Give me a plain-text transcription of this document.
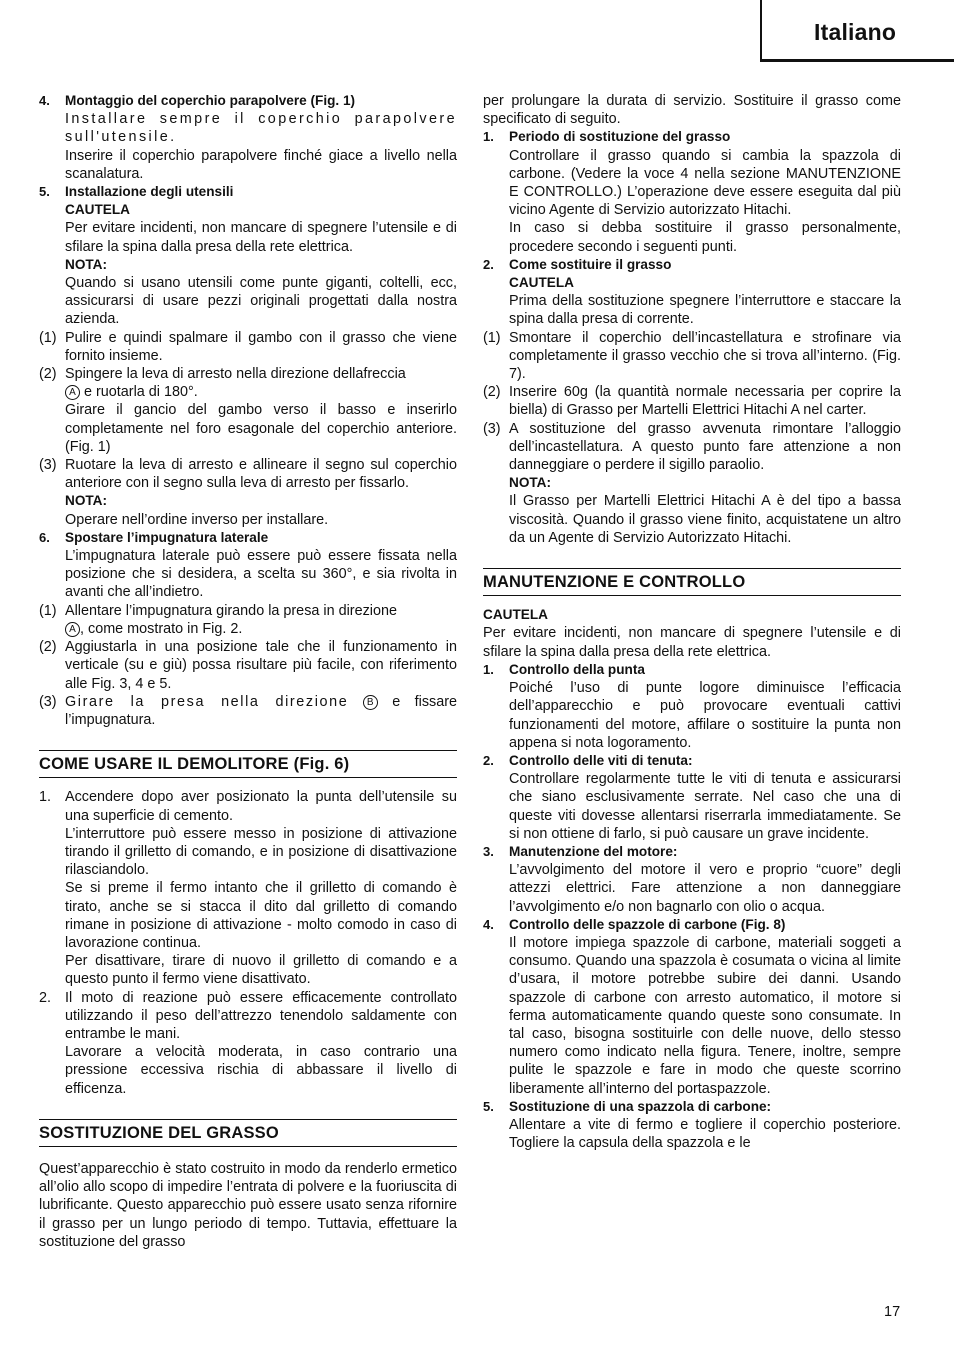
Italiano
4. Montaggio del coperchio parapolvere (Fig. 1)
Installare sempre il coperchio parapolvere sull'utensile.
Inserire il coperchio parapolvere finché giace a livello nella scanalatura.
5. Installazione degli utensili
CAUTELA
Per evitare incidenti, non mancare di spegnere l’utensile e di sfilare la spina dalla presa della rete elettrica.
NOTA:
Quando si usano utensili come punte giganti, coltelli, ecc, assicurarsi di usare pezzi originali progettati dalla nostra azienda.
(1) Pulire e quindi spalmare il gambo con il grasso che viene fornito insieme.
(2) Spingere la leva di arresto nella direzione dellafreccia
A e ruotarla di 180°.
Girare il gancio del gambo verso il basso e inserirlo completamente nel foro esagonale del coperchio anteriore. (Fig. 1)
(3) Ruotare la leva di arresto e allineare il segno sul coperchio anteriore con il segno sulla leva di arresto per fissarlo.
NOTA:
Operare nell’ordine inverso per installare.
6. Spostare l’impugnatura laterale
L’impugnatura laterale può essere può essere fissata nella posizione che si desidera, a scelta su 360°, e sia rivolta in avanti che all’indietro.
(1) Allentare l’impugnatura girando la presa in direzione
A , come mostrato in Fig. 2.
(2) Aggiustarla in una posizione tale che il funzionamento in verticale (su e giù) possa risultare più facile, con riferimento alle Fig. 3, 4 e 5.
(3) Girare la presa nella direzione B e fissare l’impugnatura.
COME USARE IL DEMOLITORE (Fig. 6)
1. Accendere dopo aver posizionato la punta dell’utensile su una superficie di cemento.
L’interruttore può essere messo in posizione di attivazione tirando il grilletto di comando, e in posizione di disattivazione rilasciandolo.
Se si preme il fermo intanto che il grilletto di comando è tirato, anche se si stacca il dito dal grilletto di comando rimane in posizione di attivazione - molto comodo in caso di lavorazione continua.
Per disattivare, tirare di nuovo il grilletto di comando e a questo punto il fermo viene disattivato.
2. Il moto di reazione può essere efficacemente controllato utilizzando il peso dell’attrezzo tenendolo saldamente con entrambe le mani.
Lavorare a velocità moderata, in caso contrario una pressione eccessiva rischia di abbassare il livello di efficenza.
SOSTITUZIONE DEL GRASSO

Quest’apparecchio è stato costruito in modo da renderlo ermetico all’olio allo scopo di impedire l’entrata di polvere e la fuoriuscita di lubrificante. Questo apparecchio può essere usato senza rifornire il grasso per un lungo periodo di tempo. Tuttavia, effettuare la sostituzione del grasso

per prolungare la durata di servizio. Sostituire il grasso come specificato di seguito.

1. Periodo di sostituzione del grasso
Controllare il grasso quando si cambia la spazzola di carbone. (Vedere la voce 4 nella sezione MANUTENZIONE E CONTROLLO.) L’operazione deve essere eseguita dal più vicino Agente di Servizio autorizzato Hitachi.
In caso si debba sostituire il grasso personalmente, procedere secondo i seguenti punti.
2. Come sostituire il grasso
CAUTELA
Prima della sostituzione spegnere l’interruttore e staccare la spina dalla presa di corrente.
(1) Smontare il coperchio dell’incastellatura e strofinare via completamente il grasso vecchio che si trova all’interno. (Fig. 7).
(2) Inserire 60g (la quantità normale necessaria per coprire la biella) di Grasso per Martelli Elettrici Hitachi A nel carter.
(3) A sostituzione del grasso avvenuta rimontare l’alloggio dell’incastellatura. A questo punto fare attenzione a non danneggiare o perdere il sigillo paraolio.
NOTA:
Il Grasso per Martelli Elettrici Hitachi A è del tipo a bassa viscosità. Quando il grasso viene finito, acquistatene un altro da un Agente di Servizio Autorizzato Hitachi.
MANUTENZIONE E CONTROLLO
CAUTELA

Per evitare incidenti, non mancare di spegnere l’utensile e di sfilare la spina dalla presa della rete elettrica.

1. Controllo della punta
Poiché l’uso di punte logore diminuisce l’efficacia dell’apparecchio e può provocare eventuali cattivi funzionamenti del motore, affilare o sostituire la punta non appena si nota logoramento.
2. Controllo delle viti di tenuta:
Controllare regolarmente tutte le viti di tenuta e assicurarsi che siano esclusivamente serrate. Nel caso che una di queste viti dovesse allentarsi riserrarla immediatamente. Se si non ottiene di farlo, si può causare un grave incidente.
3. Manutenzione del motore:
L’avvolgimento del motore il vero e proprio “cuore” degli attezzi elettrici. Fare attenzione a non danneggiare l’avvolgimento e/o non bagnarlo con olio o acqua.
4. Controllo delle spazzole di carbone (Fig. 8)
Il motore impiega spazzole di carbone, materiali soggeti a consumo. Quando una spazzola è cosumata o vicina al limite d’usara, il motore potrebbe subire dei danni. Usando spazzole di carbone con arresto automatico, il motore si ferma automaticamente quando queste sono consumate. In tal caso, bisogna sostituirle con delle nuove, dello stesso numero como indicato nella figura. Tenere, inoltre, sempre pulite le spazzole e fare in modo che queste scorrino liberamente all’interno del portaspazzole.
5. Sostituzione di una spazzola di carbone:
Allentare a vite di fermo e togliere il coperchio posteriore. Togliere la capsula della spazzola e le
17
